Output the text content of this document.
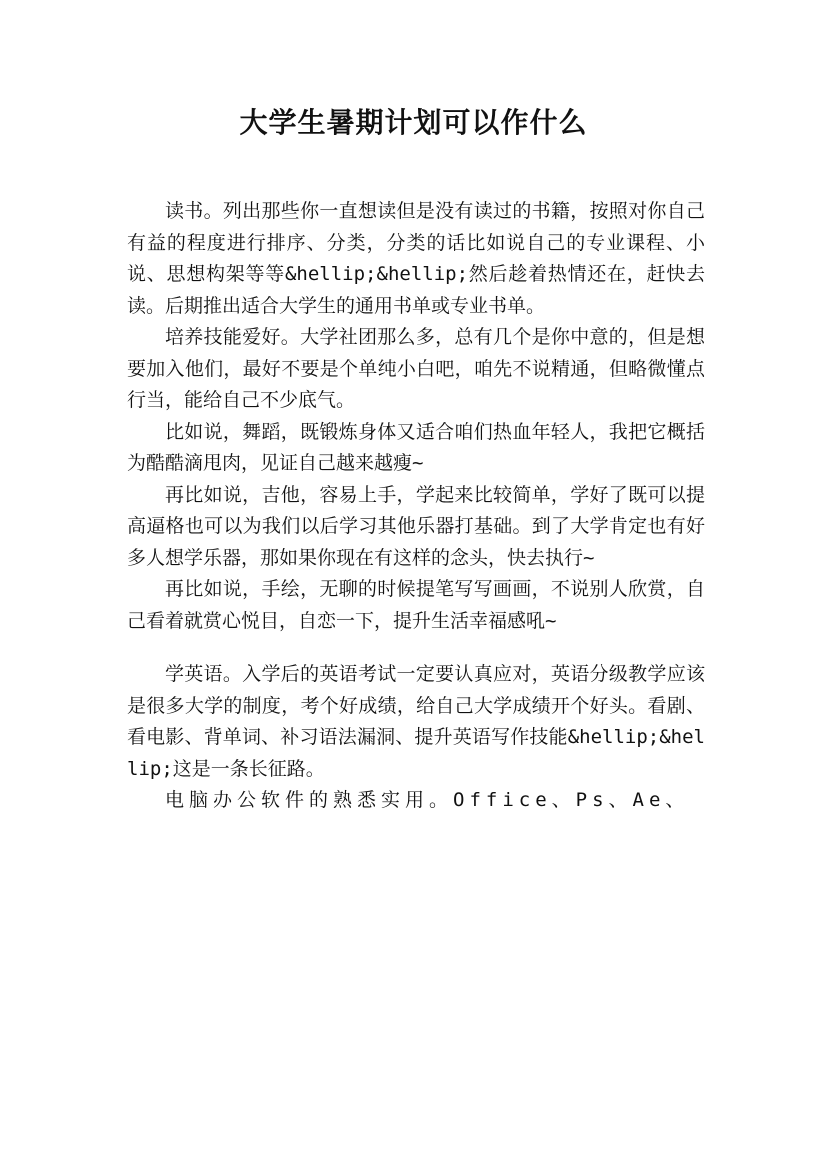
大学生暑期计划可以作什么

读书。列出那些你一直想读但是没有读过的书籍，按照对你自己有益的程度进行排序、分类，分类的话比如说自己的专业课程、小说、思想构架等等&hellip;&hellip;然后趁着热情还在，赶快去读。后期推出适合大学生的通用书单或专业书单。

培养技能爱好。大学社团那么多，总有几个是你中意的，但是想要加入他们，最好不要是个单纯小白吧，咱先不说精通，但略微懂点行当，能给自己不少底气。

比如说，舞蹈，既锻炼身体又适合咱们热血年轻人，我把它概括为酷酷滴甩肉，见证自己越来越瘦~

再比如说，吉他，容易上手，学起来比较简单，学好了既可以提高逼格也可以为我们以后学习其他乐器打基础。到了大学肯定也有好多人想学乐器，那如果你现在有这样的念头，快去执行~

再比如说，手绘，无聊的时候提笔写写画画，不说别人欣赏，自己看着就赏心悦目，自恋一下，提升生活幸福感吼~

学英语。入学后的英语考试一定要认真应对，英语分级教学应该是很多大学的制度，考个好成绩，给自己大学成绩开个好头。看剧、看电影、背单词、补习语法漏洞、提升英语写作技能&hellip;&hellip;这是一条长征路。

电脑办公软件的熟悉实用。Office、Ps、Ae、
